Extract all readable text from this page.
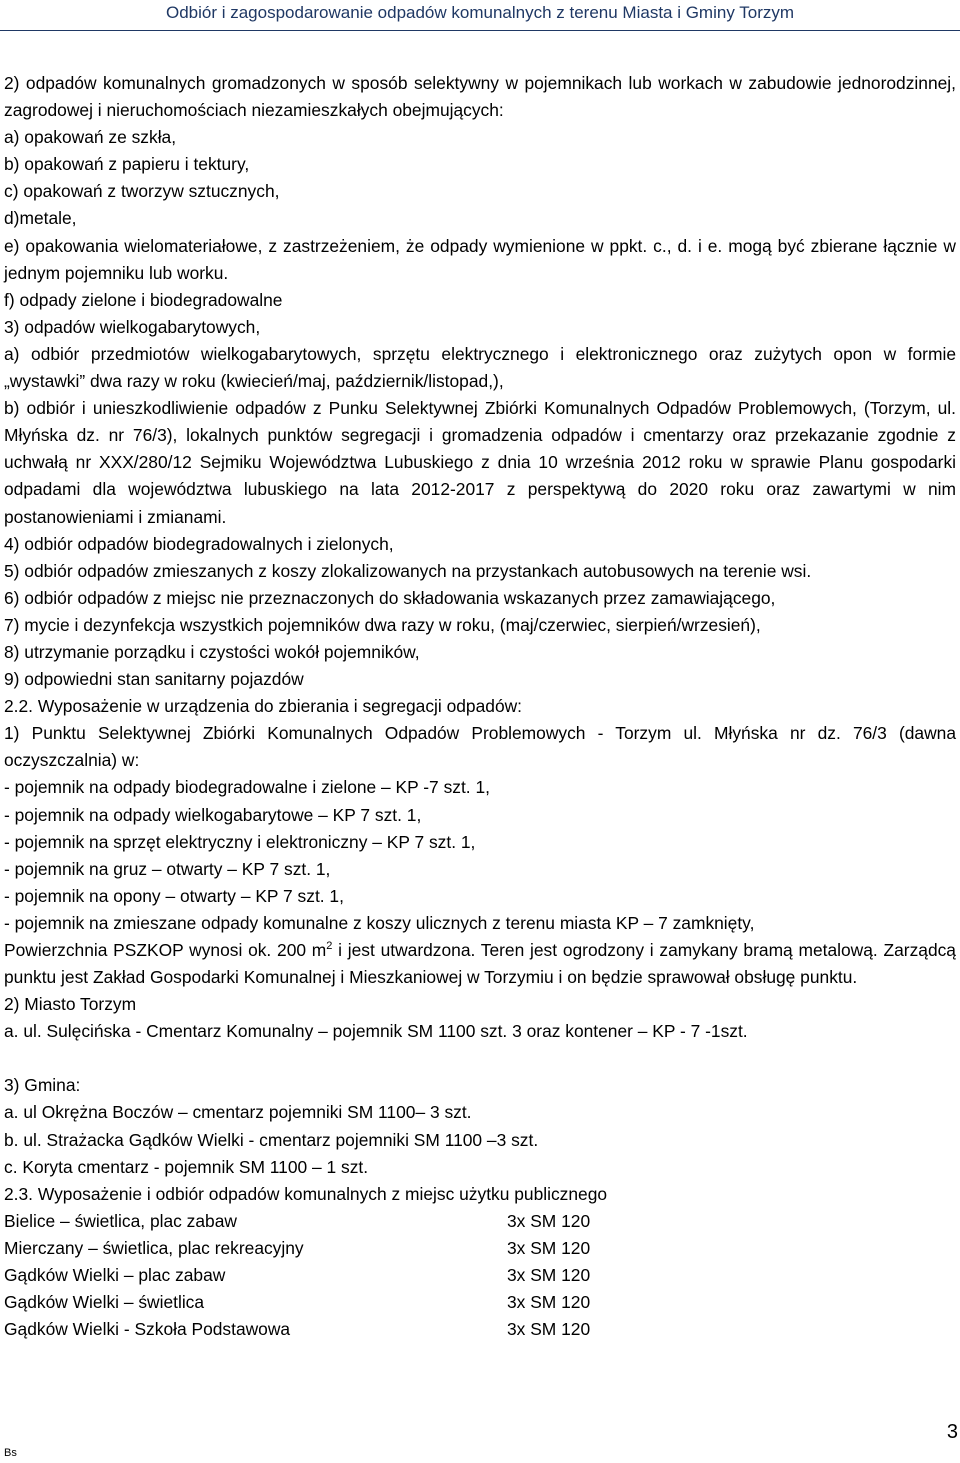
Odbiór i zagospodarowanie odpadów komunalnych z terenu Miasta i Gminy Torzym

2) odpadów komunalnych gromadzonych w sposób selektywny w pojemnikach lub workach w zabudowie jednorodzinnej, zagrodowej i nieruchomościach niezamieszkałych obejmujących:

a) opakowań ze szkła,

b) opakowań z papieru i tektury,

c) opakowań z tworzyw sztucznych,

d)metale,

e) opakowania wielomateriałowe, z zastrzeżeniem, że odpady wymienione w ppkt. c., d. i e. mogą być zbierane łącznie w jednym pojemniku lub worku.

f) odpady zielone i biodegradowalne

3) odpadów wielkogabarytowych,

a) odbiór przedmiotów wielkogabarytowych, sprzętu elektrycznego i elektronicznego oraz zużytych opon w formie „wystawki” dwa razy w roku (kwiecień/maj, październik/listopad,),

b) odbiór i unieszkodliwienie odpadów z Punku Selektywnej Zbiórki Komunalnych Odpadów Problemowych, (Torzym, ul. Młyńska dz. nr 76/3), lokalnych punktów segregacji i gromadzenia odpadów i cmentarzy oraz przekazanie zgodnie z uchwałą nr XXX/280/12 Sejmiku Województwa Lubuskiego z dnia 10 września 2012 roku w sprawie Planu gospodarki odpadami dla województwa lubuskiego na lata 2012-2017 z perspektywą do 2020 roku oraz zawartymi w nim postanowieniami i zmianami.

4) odbiór odpadów biodegradowalnych i zielonych,

5) odbiór odpadów zmieszanych z koszy zlokalizowanych na przystankach autobusowych na terenie wsi.

6) odbiór odpadów z miejsc nie przeznaczonych do składowania wskazanych przez zamawiającego,

7) mycie i dezynfekcja wszystkich pojemników dwa razy w roku, (maj/czerwiec, sierpień/wrzesień),

8) utrzymanie porządku i czystości wokół pojemników,

9) odpowiedni stan sanitarny pojazdów

2.2. Wyposażenie w urządzenia do zbierania i segregacji odpadów:

1) Punktu Selektywnej Zbiórki Komunalnych Odpadów Problemowych - Torzym ul. Młyńska nr dz. 76/3 (dawna oczyszczalnia) w:

- pojemnik na odpady biodegradowalne i zielone – KP -7 szt. 1,

- pojemnik na odpady wielkogabarytowe – KP 7 szt. 1,

- pojemnik na sprzęt elektryczny i elektroniczny – KP 7 szt. 1,

- pojemnik na gruz – otwarty – KP 7 szt. 1,

- pojemnik na opony – otwarty – KP 7 szt. 1,

- pojemnik na zmieszane odpady komunalne z koszy ulicznych z terenu miasta KP – 7 zamknięty,

Powierzchnia PSZKOP wynosi ok. 200 $m^2$ i jest utwardzona. Teren jest ogrodzony i zamykany bramą metalową. Zarządcą punktu jest Zakład Gospodarki Komunalnej i Mieszkaniowej w Torzymiu i on będzie sprawował obsługę punktu.

2) Miasto Torzym

a. ul. Sulęcińska - Cmentarz Komunalny – pojemnik SM 1100 szt. 3 oraz kontener – KP - 7 -1szt.

3) Gmina:

a. ul Okrężna Boczów – cmentarz pojemniki SM 1100– 3 szt.

b. ul. Strażacka Gądków Wielki - cmentarz pojemniki SM 1100 –3 szt.

c. Koryta cmentarz - pojemnik SM 1100 – 1 szt.

2.3. Wyposażenie i odbiór odpadów komunalnych z miejsc użytku publicznego

Bielice – świetlica, plac zabaw	3x SM 120
Mierczany – świetlica, plac rekreacyjny	3x SM 120
Gądków Wielki – plac zabaw	3x SM 120
Gądków Wielki – świetlica	3x SM 120
Gądków Wielki - Szkoła Podstawowa	3x SM 120
Bs
3
